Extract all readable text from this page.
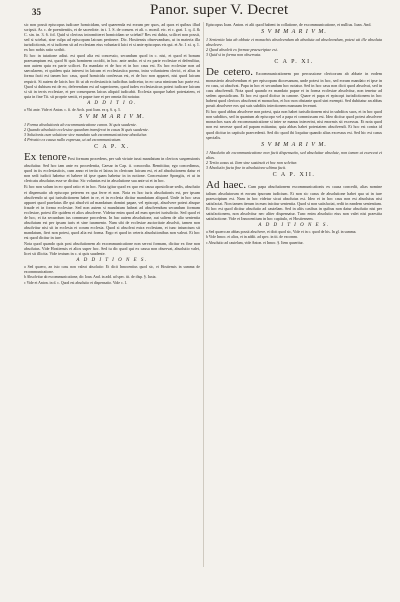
35	Panor. super V. Decret

sic non possit episcopus iudicare homicidam, sed quaerenda est eorum per quos, ad quos et quibus illud scripsit. Ar. c. de poenitentiis, et de sacerdote. in t. 1. S. de consen. et ali. c. monil. etc. et c. grat. 1. q. 4. & C. sin. in. 3. 6. fol. Quid si clericus intromitteret homicidam se sciebat? Res est dubia, scilicet non possit, sed si sciebat, sine culpa ad episcopum laicum pertinere. Dic. Hostiensis observandum, ut in materia illa iurisdictionis, et si iudicem sit ad ecclesiam eius voluntarii laici et si ante episcopus eis qui. et Ar. 1 xi. q. 1. ex hoc nobis ratio scribit.

Et hoc in tutatione adiut. est quod alia est concessio, secundum quod in c. nisi, et quod et bonum praesumptum est, quod Si quis hominem occidit, in hoc. ante ambo. et si ex parte ecclesiae ei defenditur, non autem quia ex parte scilicet. Ex mandato et de hoc et in hoc casu est. Ex hoc ecclesiae non ad saecularem, et quidem quia interest in laicum et ecclesiastica poena, intra voluntatem clerici, et alius in forma facti est tamen hoc casu, quod homicida confessus est, et de hoc non apparet, nisi quod laicum requirit. Si autem de laicis hoc fit ut ab ecclesiasticis iudicibus iudicetur, in eo casu nimirum hac parte est. Quod si dubium est de eo, deferendum est ad superiorem, quod iudex ecclesiasticus potest iudicare laicum si sit in terris ecclesiae, et per consequens laicus aliquid iudicabit. Ecclesia quoque habet potestatem, et quia in fine Tit. sit proprie sentit, et papae iure et per omnia ibi notatur.

A D D I T I O.

a Vbi ante. Vide et Anton. c. fi. de Arch. post Ioan. ex q. 6. q. 3.

S V M M A R I V M.

1 Forma absolutionis ab excommunicatione canon. Si quis suadente.

2 Quando absolutio ecclesiae quaedam transferat in casus Si quis suadente.

3 Solutionis cum solutione sive mandato sub excommunicatione absoluitur.

4 Privatio ex causa nullo expressa, ut ad excommunicatum.

C A P. X.

Ex tenore Post formam procedens, per sub virtute iussi mandatum in clericos suspensionis absoluitur. Sed hoc iam ante ex procedentia, Caesar in Cap. ii. concordia. Remittitur, ego concedimus, quod in iis ecclesiasticis, cum anno et tertia et laicus in clericum laicum est, et ad absolutionem datur et non sedi iudicii habetur et habere id ipse quam habetur in in notione. Concessione Spongiis, et ut in clericatu absolutus esse se dicitur. Sic voluntas est in absolutione sua ante ut et in hoc.

Et hoc non solum in eo quod ratio et in hoc. Nota igitur quod ex quo est causa apostolicae sedis, absolutio et dispensatio ab episcopo peterem ex qua ferre et non. Nota ex hoc iuris absolutionis est, per ipsum absolvendo ut qui iurisdictionem habet in re, et in ecclesia dicitur mandatum aliquod. Unde in hoc casu apparet quod praelatus ille qui absolvit ad mandatum domini papae, vel episcopi, absolvere potest absque fraude et in forma ecclesiae. Sed non autem si mandatum habeat ad absolvendum secundum formam ecclesiae, potest ille quidem et alios absolvere. Videtur enim quod ad eum spectet iurisdictio. Sed quod et de hoc, et ita secundum ius commune procedens. In hac autem absolutione, aut saltem de alio sententia absolutum est per ipsum iuris et sine iuramento. Nam ubi de ecclesiae auctoritate absolvit, tamen non absolvitur nisi sit in ecclesia et coram ecclesia. Quod si absolvat extra ecclesiam, et tunc iniunctum sit mandatum, fieri non potest, quod alia est forma. Ergo et quod in ceteris absolutionibus non valeat. Et hoc est quod dicitur in iure.

Nota quod quando quis post absolutionem ab excommunicatione non servat formam, dicitur ex fine non absolutus. Vide Hostiensis et alios super hoc. Sed tu dic quod qui ex causa non observat, absolutio valet, licet sit illicita. Vide textum in c. si quis suadente.

A D D I T I O N E S.

a Sed quaero, an isto casu non valeat absolutio: Et dicit Innocentius quod sic, et Hostiensis in summa de excommunicatione.

b Absolvitur ab excommunicatione, dic Ioan. And. in add. ad spec. tit. de disp. §. Iuxta.

c Vide et Anton. in d. c. Quod est absolutio et dispensatio. Vide c. 1.

Episcopus Ioan. Anton. et alii quod habent in collatione, de excommunicatione, et nullius. Ioan. And.

S V M M A R I V M.

1 Sententia lata ab abbate et monachis absolvendum ab absoluta ad absolvendum, potest uti ille absoluta absolvere.

2 Quod absolvit ex formae praescriptae est.

3 Quid si in forma non observata.

C A P. XI.

De cetero. Excommunicationem pro percussione clericorum ab abbate in eodem monasterio absolvendum et per episcopum diocesanum, unde potest in hoc, sed eorum mandato et ipse in eo casu, ut absolvat. Papa in hoc et secundum hoc notatur. Sed in hoc casu non dicit quod absolvat, sed in casu absolvendi. Nota quod quando ex mandato papae et in forma ecclesiae absolvitur, non tenetur ad sedem apostolicam. Et hoc est quod dicitur in canone. Quare et papa et episcopi iurisdictionem in hoc habent quod clericos absolvant et monachos, et hoc non obstante quod sint exempti. Sed dubitatur an abbas possit absolvere eos qui suis subditis iniectionem manuum fecerunt.

Et hoc quod abbas absolvere non potest, quia non habet iurisdictionem nisi in subditos suos, et in hoc quod non subditos, sed in quantum ab episcopo vel a papa ei commissum est. Ideo dicitur quod potest absolvere monachos suos ab excommunicatione si inter se manus iniecerint, nisi enormis sit excessus. Et nota quod non est necesse quod ad papam mittantur, quia abbas habet potestatem absolvendi. Et hoc est contra id quod dicitur in capitulo praecedenti. Sed dic quod ibi loquitur quando alius excessus est. Sed hic est casus specialis.

S V M M A R I V M.

1 Absolutio ab excommunicatione non facit dispensatio, sed absoluitur absolute, non tamen ut exerceat et alias.

2 Tertia casus ut. Item sine sustinuit et hoc non solvitur.

3 Absolutio facta fine in absolutione ultima facit.

C A P. XII.

Ad haec. Cum papa absolutionem excommunicationis ex causa concedit, alias nomine talium absolutorum et eorum ipsorum iudicium. Et non sic casus de absolutione habet qua ut in iure praescriptum est. Nam in hoc videtur sicut absolutus est. Ideo et in hoc casu non est absolutus nisi satisfaciat. Non tamen iterum in eum inicitur sententia. Quod si non satisfaciat, redit in eandem sententiam. Et hoc est quod dicitur absolutio ad cautelam. Sed in aliis casibus in quibus non datur absolutio nisi per satisfactionem, non absolvitur nec aliter dispensatur. Tunc enim absolutio eius non valet nisi praestita satisfactione. Vide et Innocentium in hoc capitulo, et Hostiensem.

A D D I T I O N E S.

a Sed quaero an abbas possit absolvere, et dicit quod sic, Vide et in c. quod de his. In gl. in summa.

b Vide Innoc. et alios, et in addit. ad spec. in tit. de excomm.

c Absolutio ad cautelam, vide Anton. et Innoc. §. Item quaeritur.
